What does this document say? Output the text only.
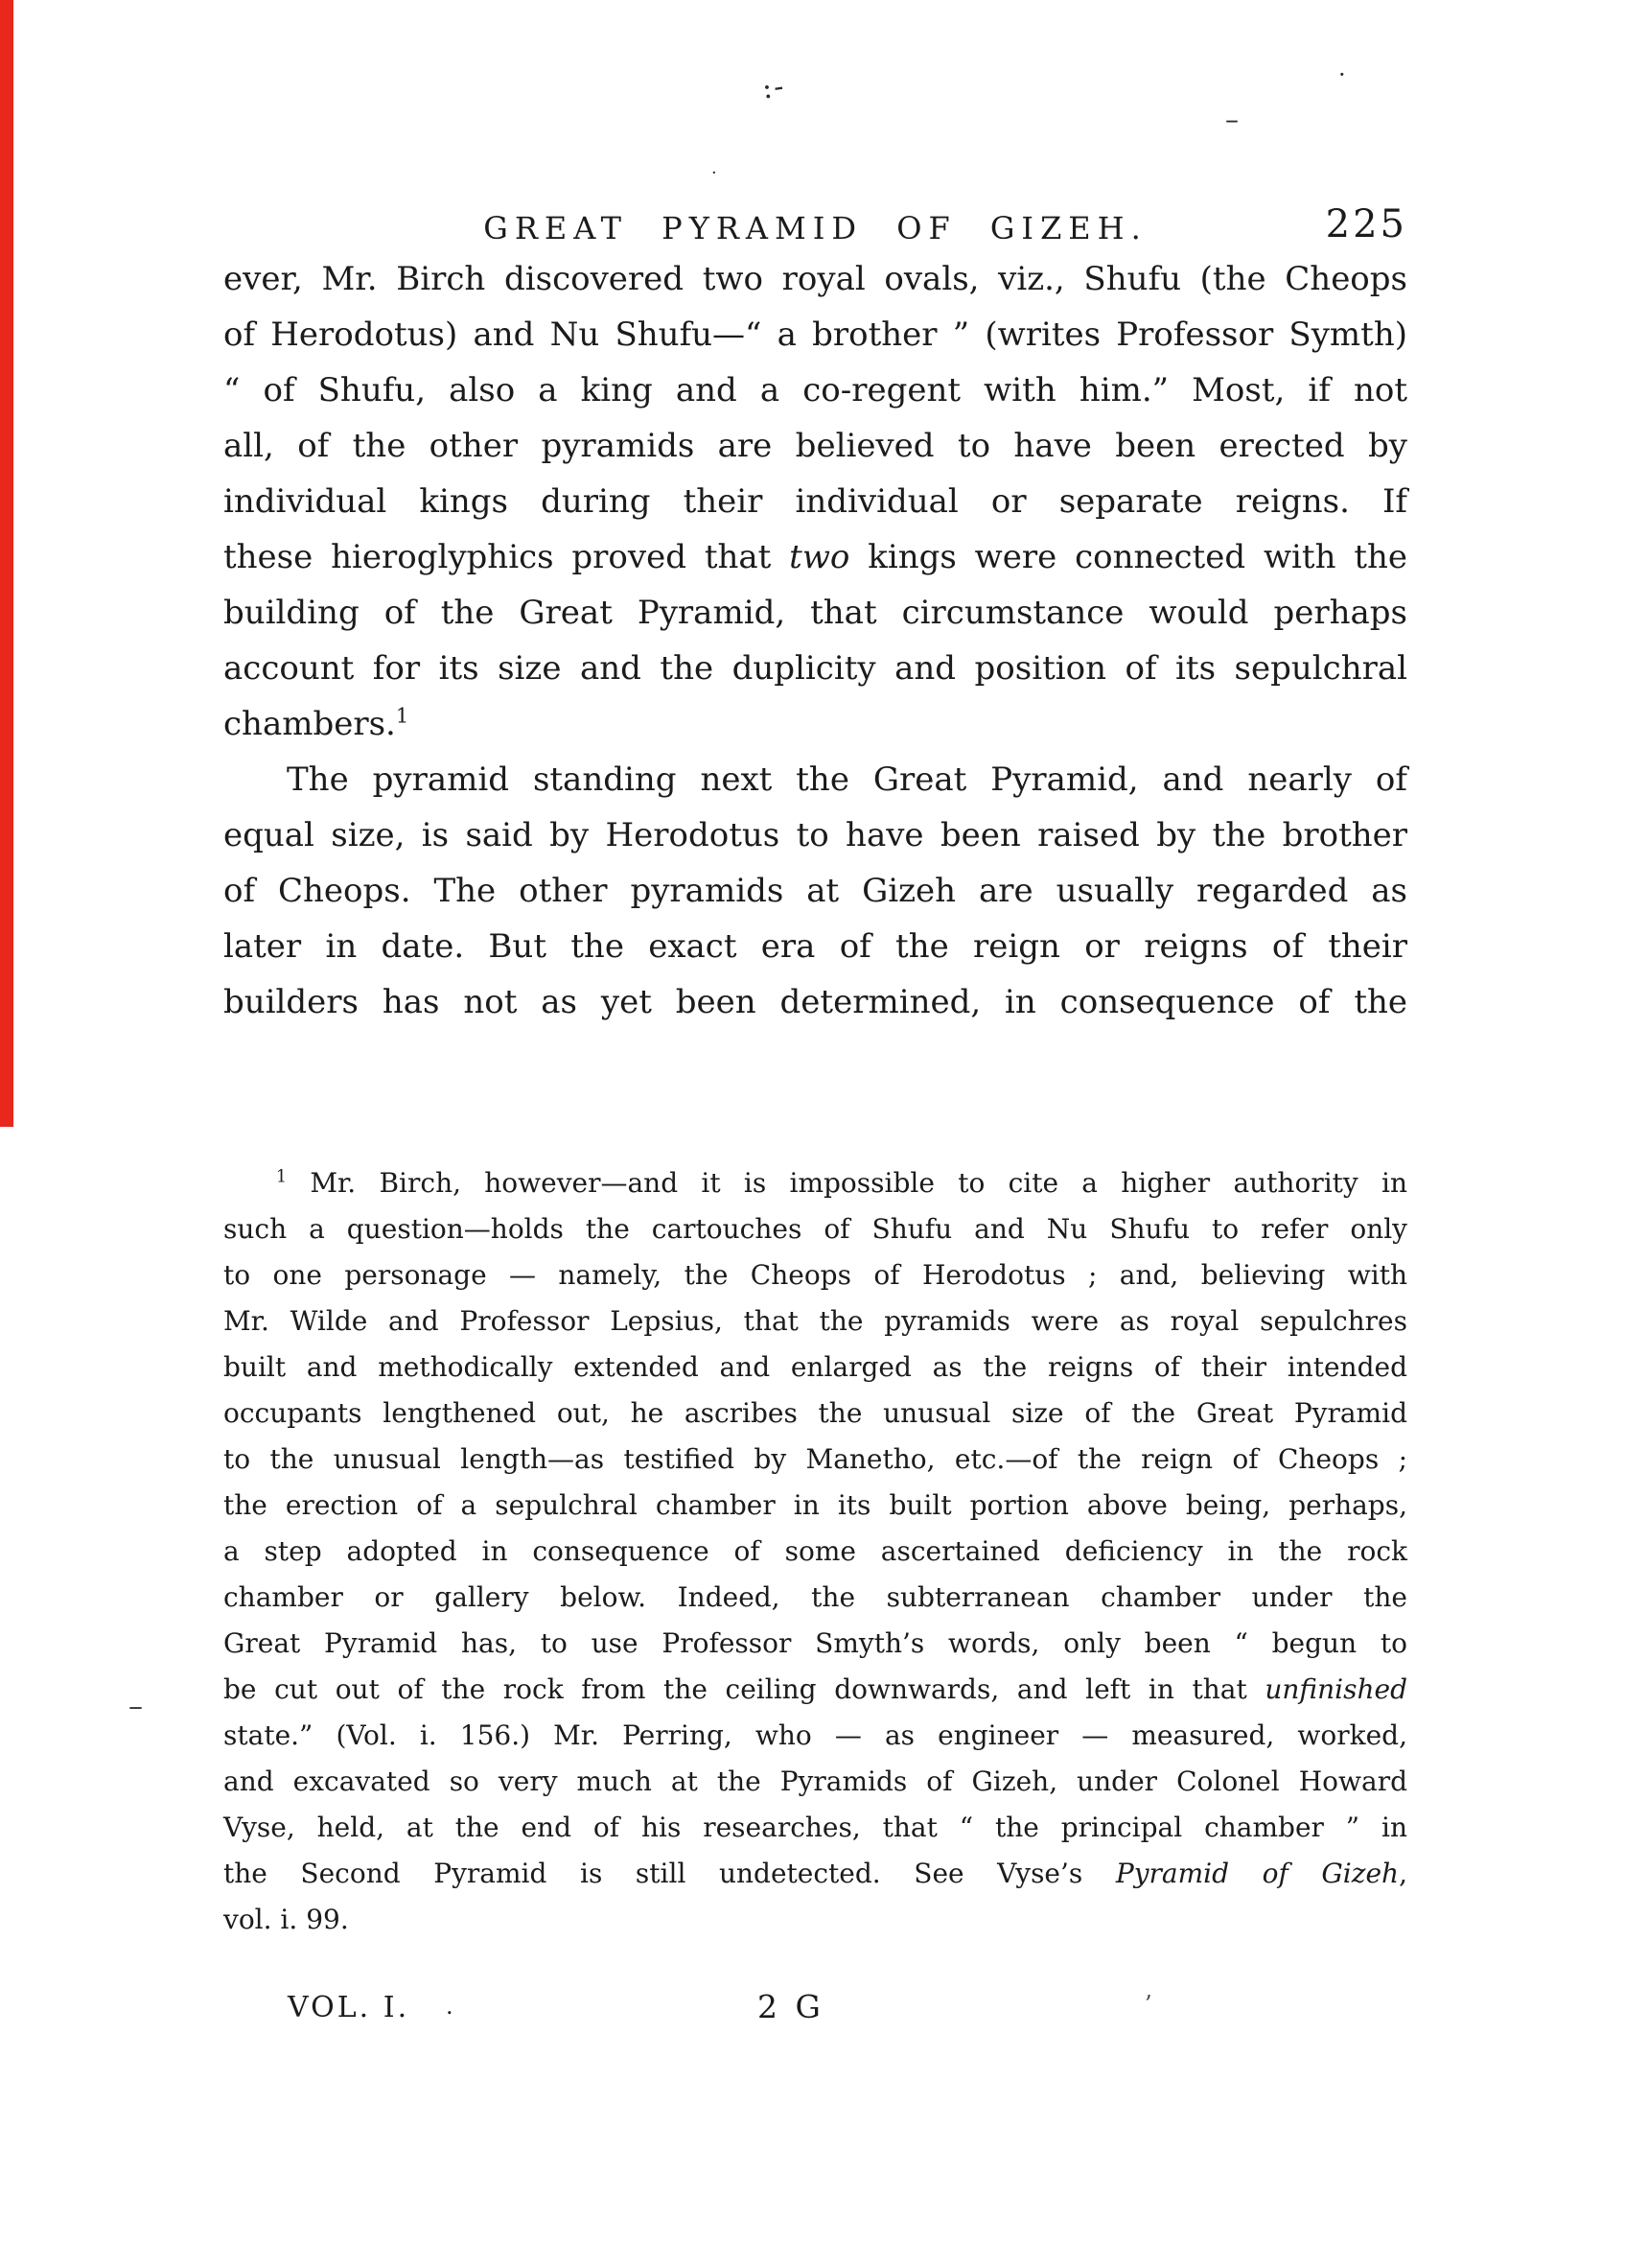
GREAT PYRAMID OF GIZEH.	225
ever, Mr. Birch discovered two royal ovals, viz., Shufu (the Cheops
of Herodotus) and Nu Shufu—“ a brother ” (writes Professor Symth)
“ of Shufu, also a king and a co-regent with him.” Most, if not
all, of the other pyramids are believed to have been erected by
individual kings during their individual or separate reigns. If
these hieroglyphics proved that two kings were connected with the
building of the Great Pyramid, that circumstance would perhaps
account for its size and the duplicity and position of its sepulchral
chambers.$^1$
The pyramid standing next the Great Pyramid, and nearly of
equal size, is said by Herodotus to have been raised by the brother
of Cheops. The other pyramids at Gizeh are usually regarded as
later in date. But the exact era of the reign or reigns of their
builders has not as yet been determined, in consequence of the
$^1$ Mr. Birch, however—and it is impossible to cite a higher authority in
such a question—holds the cartouches of Shufu and Nu Shufu to refer only
to one personage — namely, the Cheops of Herodotus ; and, believing with
Mr. Wilde and Professor Lepsius, that the pyramids were as royal sepulchres
built and methodically extended and enlarged as the reigns of their intended
occupants lengthened out, he ascribes the unusual size of the Great Pyramid
to the unusual length—as testified by Manetho, etc.—of the reign of Cheops ;
the erection of a sepulchral chamber in its built portion above being, perhaps,
a step adopted in consequence of some ascertained deficiency in the rock
chamber or gallery below. Indeed, the subterranean chamber under the
Great Pyramid has, to use Professor Smyth’s words, only been “ begun to
be cut out of the rock from the ceiling downwards, and left in that unfinished
state.” (Vol. i. 156.) Mr. Perring, who — as engineer — measured, worked,
and excavated so very much at the Pyramids of Gizeh, under Colonel Howard
Vyse, held, at the end of his researches, that “ the principal chamber ” in
the Second Pyramid is still undetected. See Vyse’s Pyramid of Gizeh,
vol. i. 99.
VOL. I. .	2 G
:-
–
·
–
’
·
